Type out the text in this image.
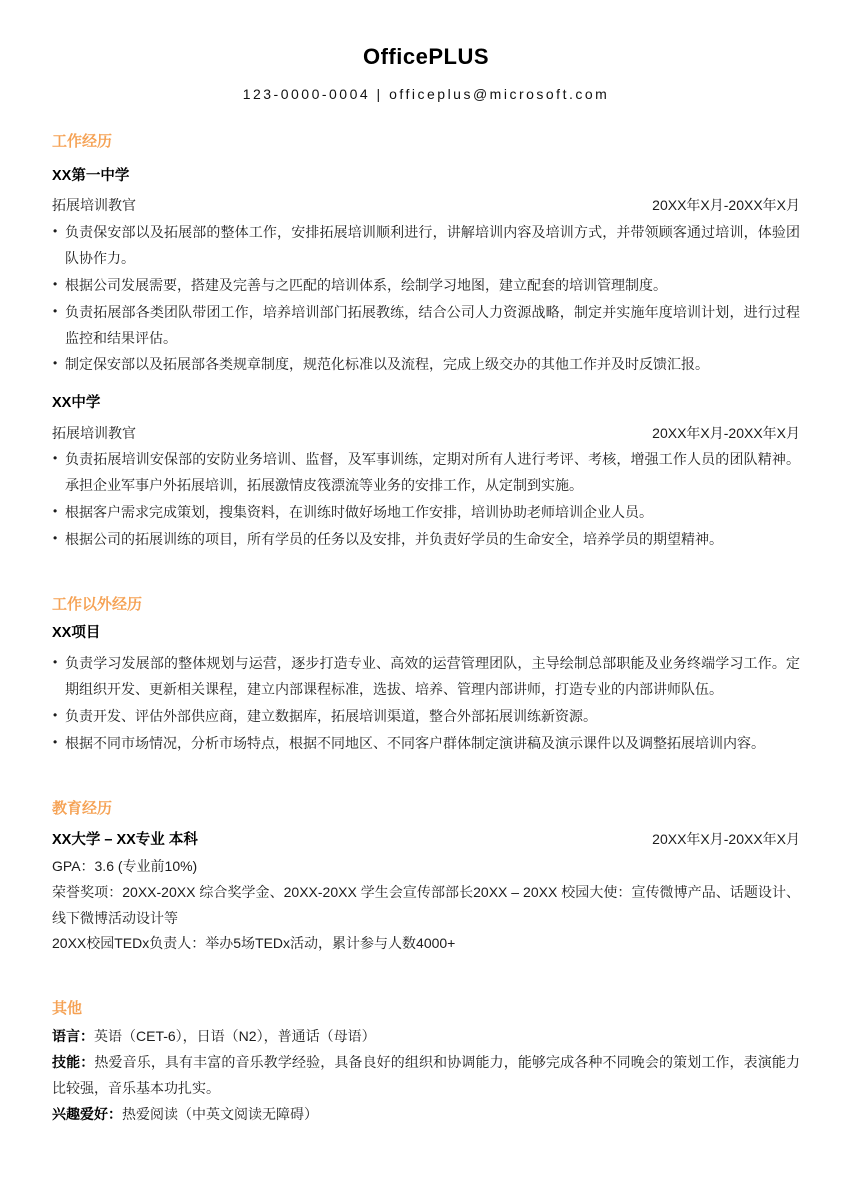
OfficePLUS
123-0000-0004 | officeplus@microsoft.com
工作经历

XX第一中学

拓展培训教官	20XX年X月-20XX年X月
• 负责保安部以及拓展部的整体工作，安排拓展培训顺利进行，讲解培训内容及培训方式，并带领顾客通过培训，体验团队协作力。
• 根据公司发展需要，搭建及完善与之匹配的培训体系，绘制学习地图，建立配套的培训管理制度。
• 负责拓展部各类团队带团工作，培养培训部门拓展教练，结合公司人力资源战略，制定并实施年度培训计划，进行过程监控和结果评估。
• 制定保安部以及拓展部各类规章制度，规范化标准以及流程，完成上级交办的其他工作并及时反馈汇报。

XX中学

拓展培训教官	20XX年X月-20XX年X月
• 负责拓展培训安保部的安防业务培训、监督，及军事训练，定期对所有人进行考评、考核，增强工作人员的团队精神。承担企业军事户外拓展培训，拓展激情皮筏漂流等业务的安排工作，从定制到实施。
• 根据客户需求完成策划，搜集资料，在训练时做好场地工作安排，培训协助老师培训企业人员。
• 根据公司的拓展训练的项目，所有学员的任务以及安排，并负责好学员的生命安全，培养学员的期望精神。
工作以外经历

XX项目

• 负责学习发展部的整体规划与运营，逐步打造专业、高效的运营管理团队，主导绘制总部职能及业务终端学习工作。定期组织开发、更新相关课程，建立内部课程标准，选拔、培养、管理内部讲师，打造专业的内部讲师队伍。
• 负责开发、评估外部供应商，建立数据库，拓展培训渠道，整合外部拓展训练新资源。
• 根据不同市场情况，分析市场特点，根据不同地区、不同客户群体制定演讲稿及演示课件以及调整拓展培训内容。
教育经历
XX大学 – XX专业 本科	20XX年X月-20XX年X月

GPA：3.6 (专业前10%)

荣誉奖项：20XX-20XX 综合奖学金、20XX-20XX 学生会宣传部部长20XX – 20XX 校园大使：宣传微博产品、话题设计、线下微博活动设计等

20XX校园TEDx负责人：举办5场TEDx活动，累计参与人数4000+

其他

语言：英语（CET-6），日语（N2），普通话（母语）

技能：热爱音乐，具有丰富的音乐教学经验，具备良好的组织和协调能力，能够完成各种不同晚会的策划工作，表演能力比较强，音乐基本功扎实。

兴趣爱好：热爱阅读（中英文阅读无障碍）
